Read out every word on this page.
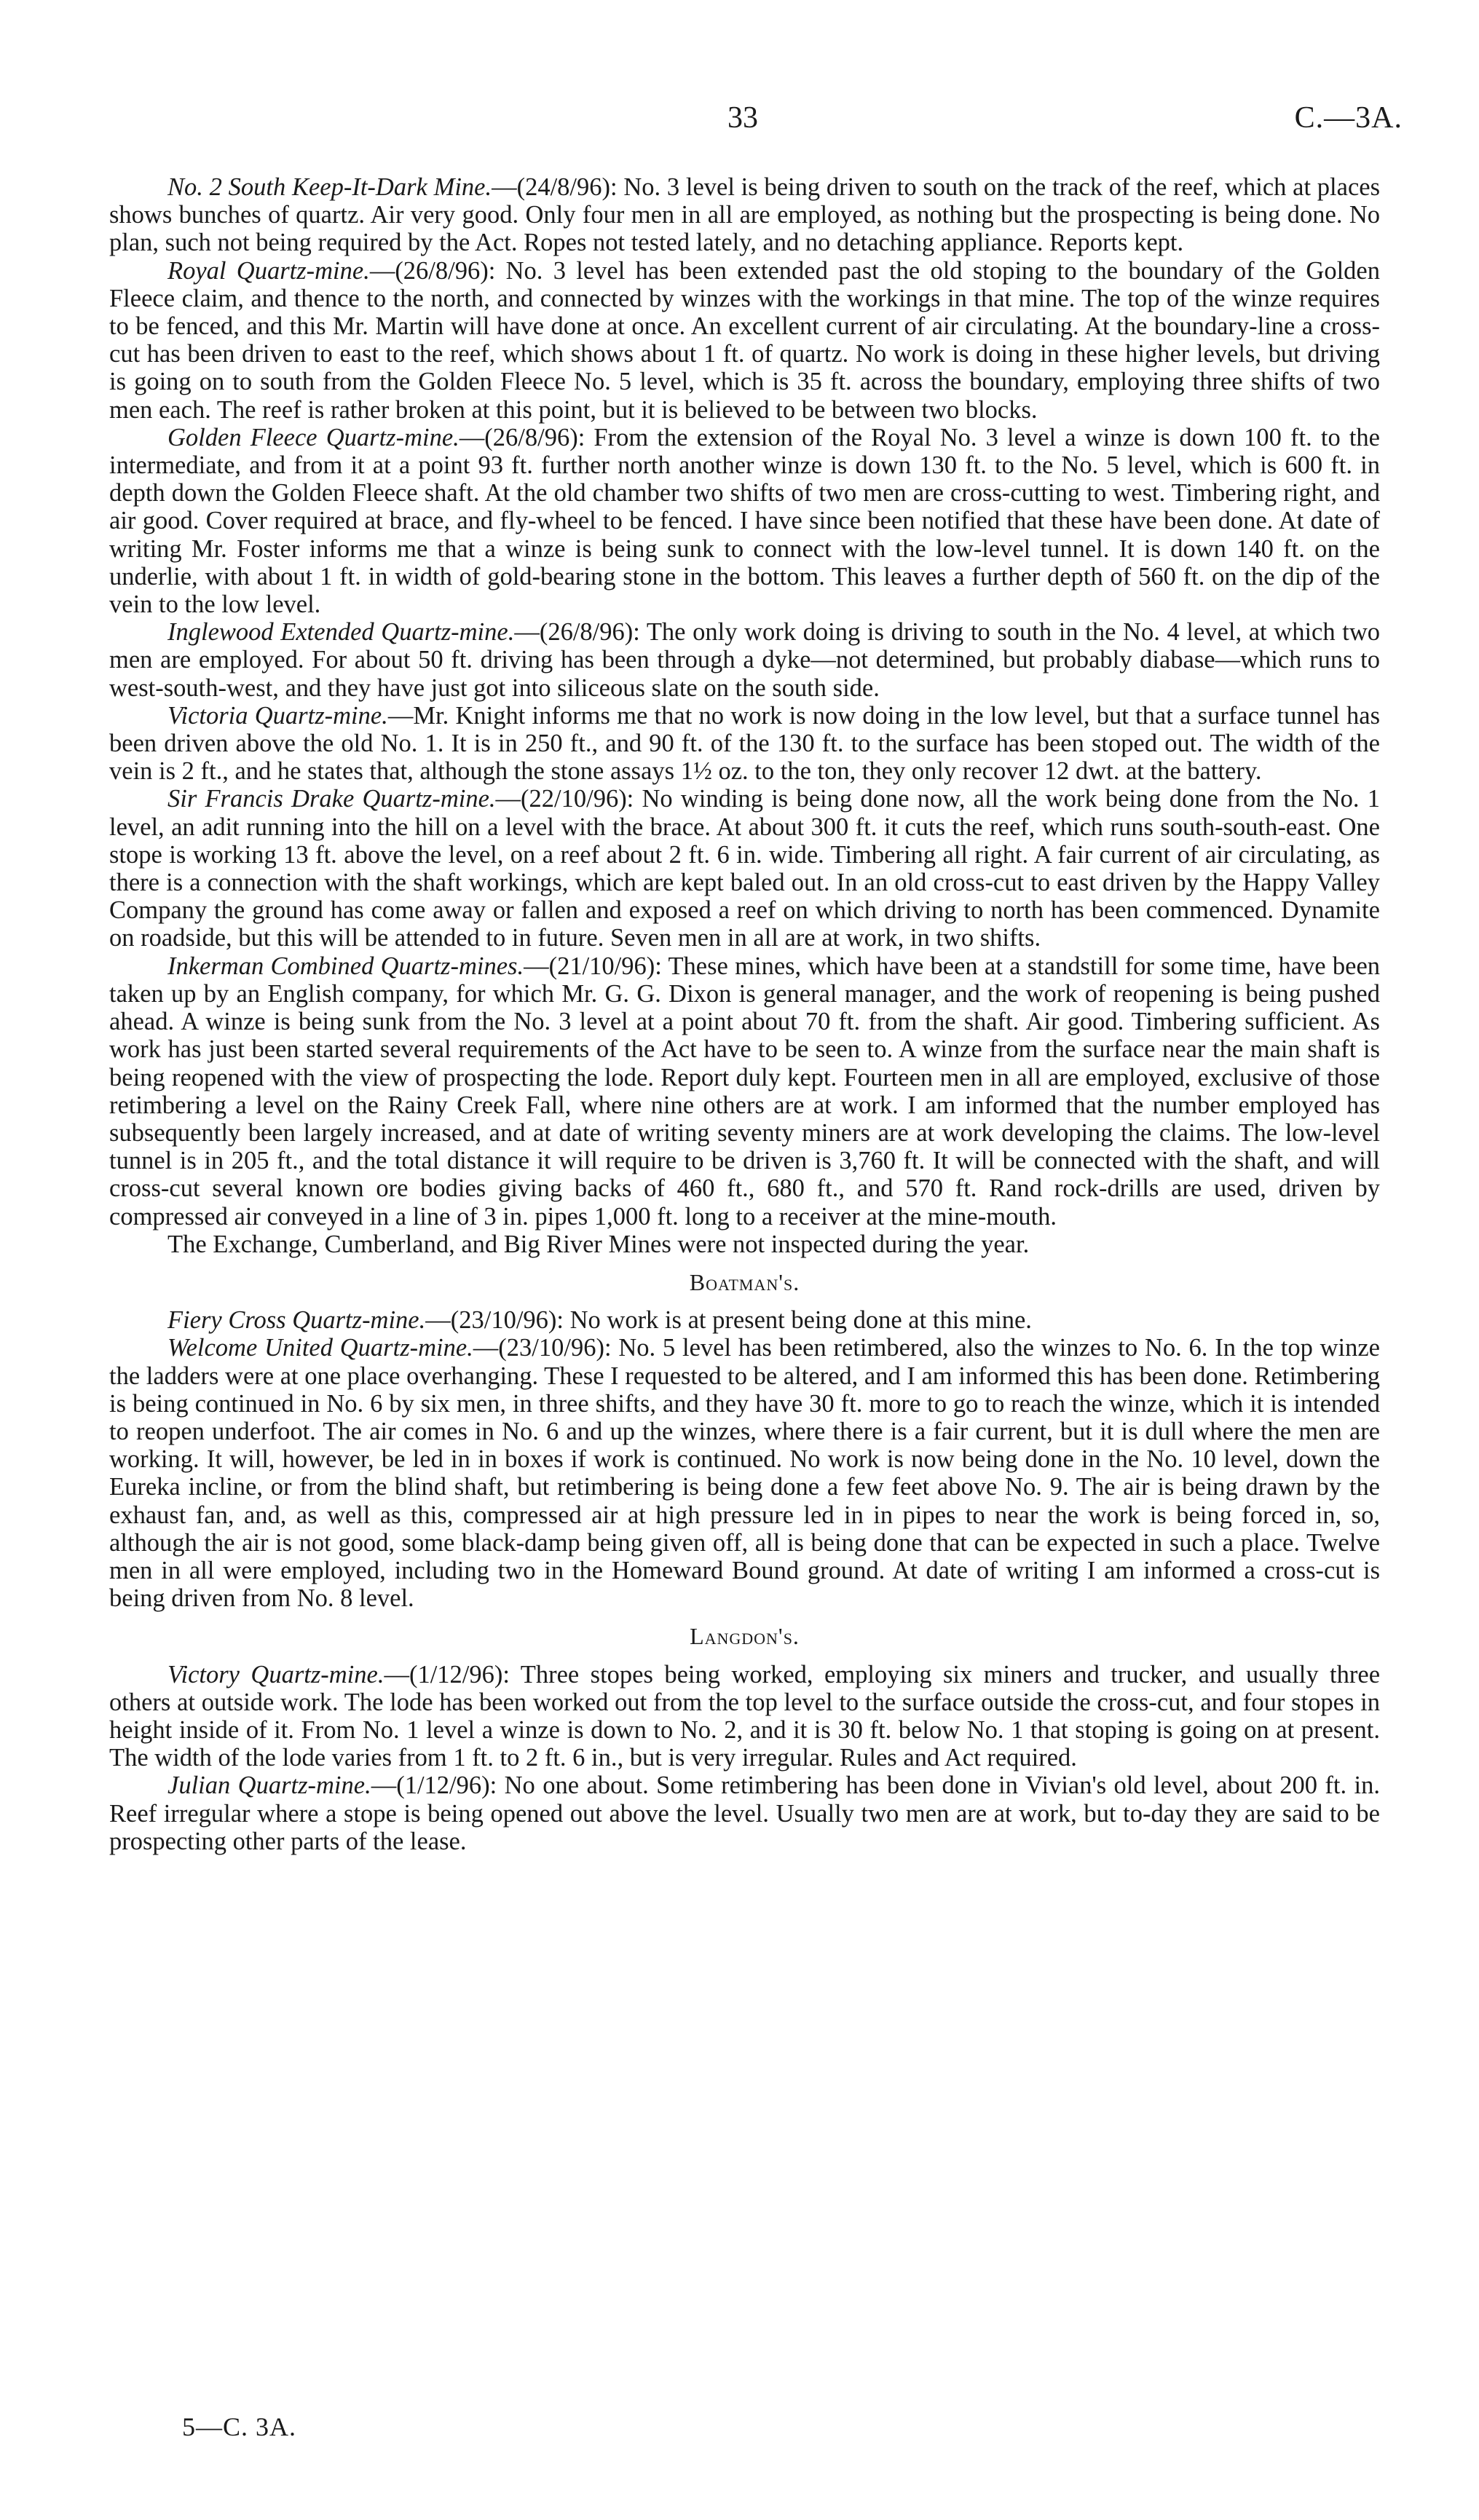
33	C.—3A.

No. 2 South Keep-It-Dark Mine.—(24/8/96): No. 3 level is being driven to south on the track of the reef, which at places shows bunches of quartz. Air very good. Only four men in all are employed, as nothing but the prospecting is being done. No plan, such not being required by the Act. Ropes not tested lately, and no detaching appliance. Reports kept.

Royal Quartz-mine.—(26/8/96): No. 3 level has been extended past the old stoping to the boundary of the Golden Fleece claim, and thence to the north, and connected by winzes with the workings in that mine. The top of the winze requires to be fenced, and this Mr. Martin will have done at once. An excellent current of air circulating. At the boundary-line a cross-cut has been driven to east to the reef, which shows about 1 ft. of quartz. No work is doing in these higher levels, but driving is going on to south from the Golden Fleece No. 5 level, which is 35 ft. across the boundary, employing three shifts of two men each. The reef is rather broken at this point, but it is believed to be between two blocks.

Golden Fleece Quartz-mine.—(26/8/96): From the extension of the Royal No. 3 level a winze is down 100 ft. to the intermediate, and from it at a point 93 ft. further north another winze is down 130 ft. to the No. 5 level, which is 600 ft. in depth down the Golden Fleece shaft. At the old chamber two shifts of two men are cross-cutting to west. Timbering right, and air good. Cover required at brace, and fly-wheel to be fenced. I have since been notified that these have been done. At date of writing Mr. Foster informs me that a winze is being sunk to connect with the low-level tunnel. It is down 140 ft. on the underlie, with about 1 ft. in width of gold-bearing stone in the bottom. This leaves a further depth of 560 ft. on the dip of the vein to the low level.

Inglewood Extended Quartz-mine.—(26/8/96): The only work doing is driving to south in the No. 4 level, at which two men are employed. For about 50 ft. driving has been through a dyke—not determined, but probably diabase—which runs to west-south-west, and they have just got into siliceous slate on the south side.

Victoria Quartz-mine.—Mr. Knight informs me that no work is now doing in the low level, but that a surface tunnel has been driven above the old No. 1. It is in 250 ft., and 90 ft. of the 130 ft. to the surface has been stoped out. The width of the vein is 2 ft., and he states that, although the stone assays 1½ oz. to the ton, they only recover 12 dwt. at the battery.

Sir Francis Drake Quartz-mine.—(22/10/96): No winding is being done now, all the work being done from the No. 1 level, an adit running into the hill on a level with the brace. At about 300 ft. it cuts the reef, which runs south-south-east. One stope is working 13 ft. above the level, on a reef about 2 ft. 6 in. wide. Timbering all right. A fair current of air circulating, as there is a connection with the shaft workings, which are kept baled out. In an old cross-cut to east driven by the Happy Valley Company the ground has come away or fallen and exposed a reef on which driving to north has been commenced. Dynamite on roadside, but this will be attended to in future. Seven men in all are at work, in two shifts.

Inkerman Combined Quartz-mines.—(21/10/96): These mines, which have been at a standstill for some time, have been taken up by an English company, for which Mr. G. G. Dixon is general manager, and the work of reopening is being pushed ahead. A winze is being sunk from the No. 3 level at a point about 70 ft. from the shaft. Air good. Timbering sufficient. As work has just been started several requirements of the Act have to be seen to. A winze from the surface near the main shaft is being reopened with the view of prospecting the lode. Report duly kept. Fourteen men in all are employed, exclusive of those retimbering a level on the Rainy Creek Fall, where nine others are at work. I am informed that the number employed has subsequently been largely increased, and at date of writing seventy miners are at work developing the claims. The low-level tunnel is in 205 ft., and the total distance it will require to be driven is 3,760 ft. It will be connected with the shaft, and will cross-cut several known ore bodies giving backs of 460 ft., 680 ft., and 570 ft. Rand rock-drills are used, driven by compressed air conveyed in a line of 3 in. pipes 1,000 ft. long to a receiver at the mine-mouth.

The Exchange, Cumberland, and Big River Mines were not inspected during the year.

Boatman's.

Fiery Cross Quartz-mine.—(23/10/96): No work is at present being done at this mine.

Welcome United Quartz-mine.—(23/10/96): No. 5 level has been retimbered, also the winzes to No. 6. In the top winze the ladders were at one place overhanging. These I requested to be altered, and I am informed this has been done. Retimbering is being continued in No. 6 by six men, in three shifts, and they have 30 ft. more to go to reach the winze, which it is intended to reopen underfoot. The air comes in No. 6 and up the winzes, where there is a fair current, but it is dull where the men are working. It will, however, be led in in boxes if work is continued. No work is now being done in the No. 10 level, down the Eureka incline, or from the blind shaft, but retimbering is being done a few feet above No. 9. The air is being drawn by the exhaust fan, and, as well as this, compressed air at high pressure led in in pipes to near the work is being forced in, so, although the air is not good, some black-damp being given off, all is being done that can be expected in such a place. Twelve men in all were employed, including two in the Homeward Bound ground. At date of writing I am informed a cross-cut is being driven from No. 8 level.

Langdon's.

Victory Quartz-mine.—(1/12/96): Three stopes being worked, employing six miners and trucker, and usually three others at outside work. The lode has been worked out from the top level to the surface outside the cross-cut, and four stopes in height inside of it. From No. 1 level a winze is down to No. 2, and it is 30 ft. below No. 1 that stoping is going on at present. The width of the lode varies from 1 ft. to 2 ft. 6 in., but is very irregular. Rules and Act required.

Julian Quartz-mine.—(1/12/96): No one about. Some retimbering has been done in Vivian's old level, about 200 ft. in. Reef irregular where a stope is being opened out above the level. Usually two men are at work, but to-day they are said to be prospecting other parts of the lease.

5—C. 3A.
